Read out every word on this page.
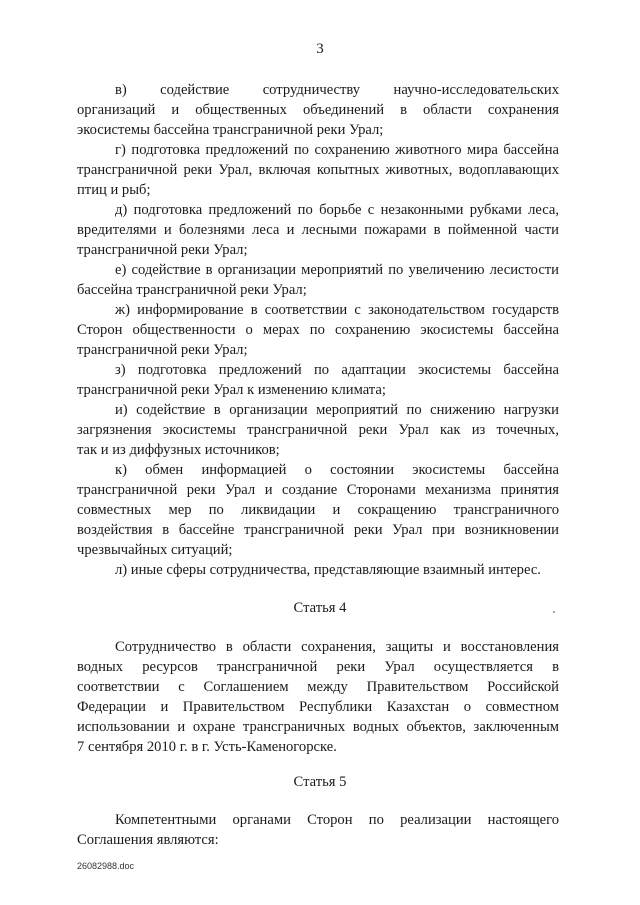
3
в) содействие сотрудничеству научно-исследовательских
организаций и общественных объединений в области сохранения
экосистемы бассейна трансграничной реки Урал;
г) подготовка предложений по сохранению животного мира бассейна
трансграничной реки Урал, включая копытных животных, водоплавающих
птиц и рыб;
д) подготовка предложений по борьбе с незаконными рубками леса,
вредителями и болезнями леса и лесными пожарами в пойменной части
трансграничной реки Урал;
е) содействие в организации мероприятий по увеличению лесистости
бассейна трансграничной реки Урал;
ж) информирование в соответствии с законодательством государств
Сторон общественности о мерах по сохранению экосистемы бассейна
трансграничной реки Урал;
з) подготовка предложений по адаптации экосистемы бассейна
трансграничной реки Урал к изменению климата;
и) содействие в организации мероприятий по снижению нагрузки
загрязнения экосистемы трансграничной реки Урал как из точечных,
так и из диффузных источников;
к) обмен информацией о состоянии экосистемы бассейна
трансграничной реки Урал и создание Сторонами механизма принятия
совместных мер по ликвидации и сокращению трансграничного
воздействия в бассейне трансграничной реки Урал при возникновении
чрезвычайных ситуаций;
л) иные сферы сотрудничества, представляющие взаимный интерес.
Статья 4
Сотрудничество в области сохранения, защиты и восстановления
водных ресурсов трансграничной реки Урал осуществляется в
соответствии с Соглашением между Правительством Российской
Федерации и Правительством Республики Казахстан о совместном
использовании и охране трансграничных водных объектов, заключенным
7 сентября 2010 г. в г. Усть-Каменогорске.
Статья 5
Компетентными органами Сторон по реализации настоящего
Соглашения являются:
26082988.doc
